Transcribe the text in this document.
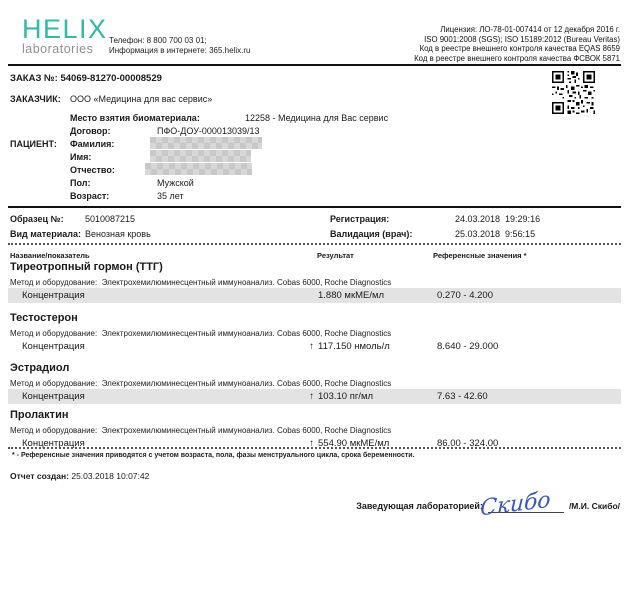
HELIX
laboratories
Телефон: 8 800 700 03 01;
Информация в интернете: 365.helix.ru
Лицензия: ЛО-78-01-007414 от 12 декабря 2016 г.
ISO 9001:2008 (SGS); ISO 15189:2012 (Bureau Veritas)
Код в реестре внешнего контроля качества EQAS 8659
Код в реестре внешнего контроля качества ФСВОК 5871
ЗАКАЗ №: 54069-81270-00008529
ЗАКАЗЧИК: ООО «Медицина для вас сервис»
Место взятия биоматериала:	12258 - Медицина для Вас сервис
Договор:	ПФО-ДОУ-000013039/13
ПАЦИЕНТ: Фамилия:
Имя:
Отчество:
Пол:	Мужской
Возраст:	35 лет
Образец №: 5010087215
Вид материала: Венозная кровь
Регистрация:	24.03.2018  19:29:16
Валидация (врач):	25.03.2018  9:56:15
Название/показатель	Результат	Референсные значения *
Тиреотропный гормон (ТТГ)
Метод и оборудование: Электрохемилюминесцентный иммуноанализ. Cobas 6000, Roche Diagnostics
Концентрация	1.880 мкМЕ/мл	0.270 - 4.200
Тестостерон
Метод и оборудование: Электрохемилюминесцентный иммуноанализ. Cobas 6000, Roche Diagnostics
Концентрация	↑ 117.150 нмоль/л	8.640 - 29.000
Эстрадиол
Метод и оборудование: Электрохемилюминесцентный иммуноанализ. Cobas 6000, Roche Diagnostics
Концентрация	↑ 103.10 пг/мл	7.63 - 42.60
Пролактин
Метод и оборудование: Электрохемилюминесцентный иммуноанализ. Cobas 6000, Roche Diagnostics
Концентрация	↑ 554.90 мкМЕ/мл	86.00 - 324.00
* - Референсные значения приводятся с учетом возраста, пола, фазы менструального цикла, срока беременности.
Отчет создан: 25.03.2018 10:07:42
Заведующая лабораторией:
Скибо /М.И. Скибо/
